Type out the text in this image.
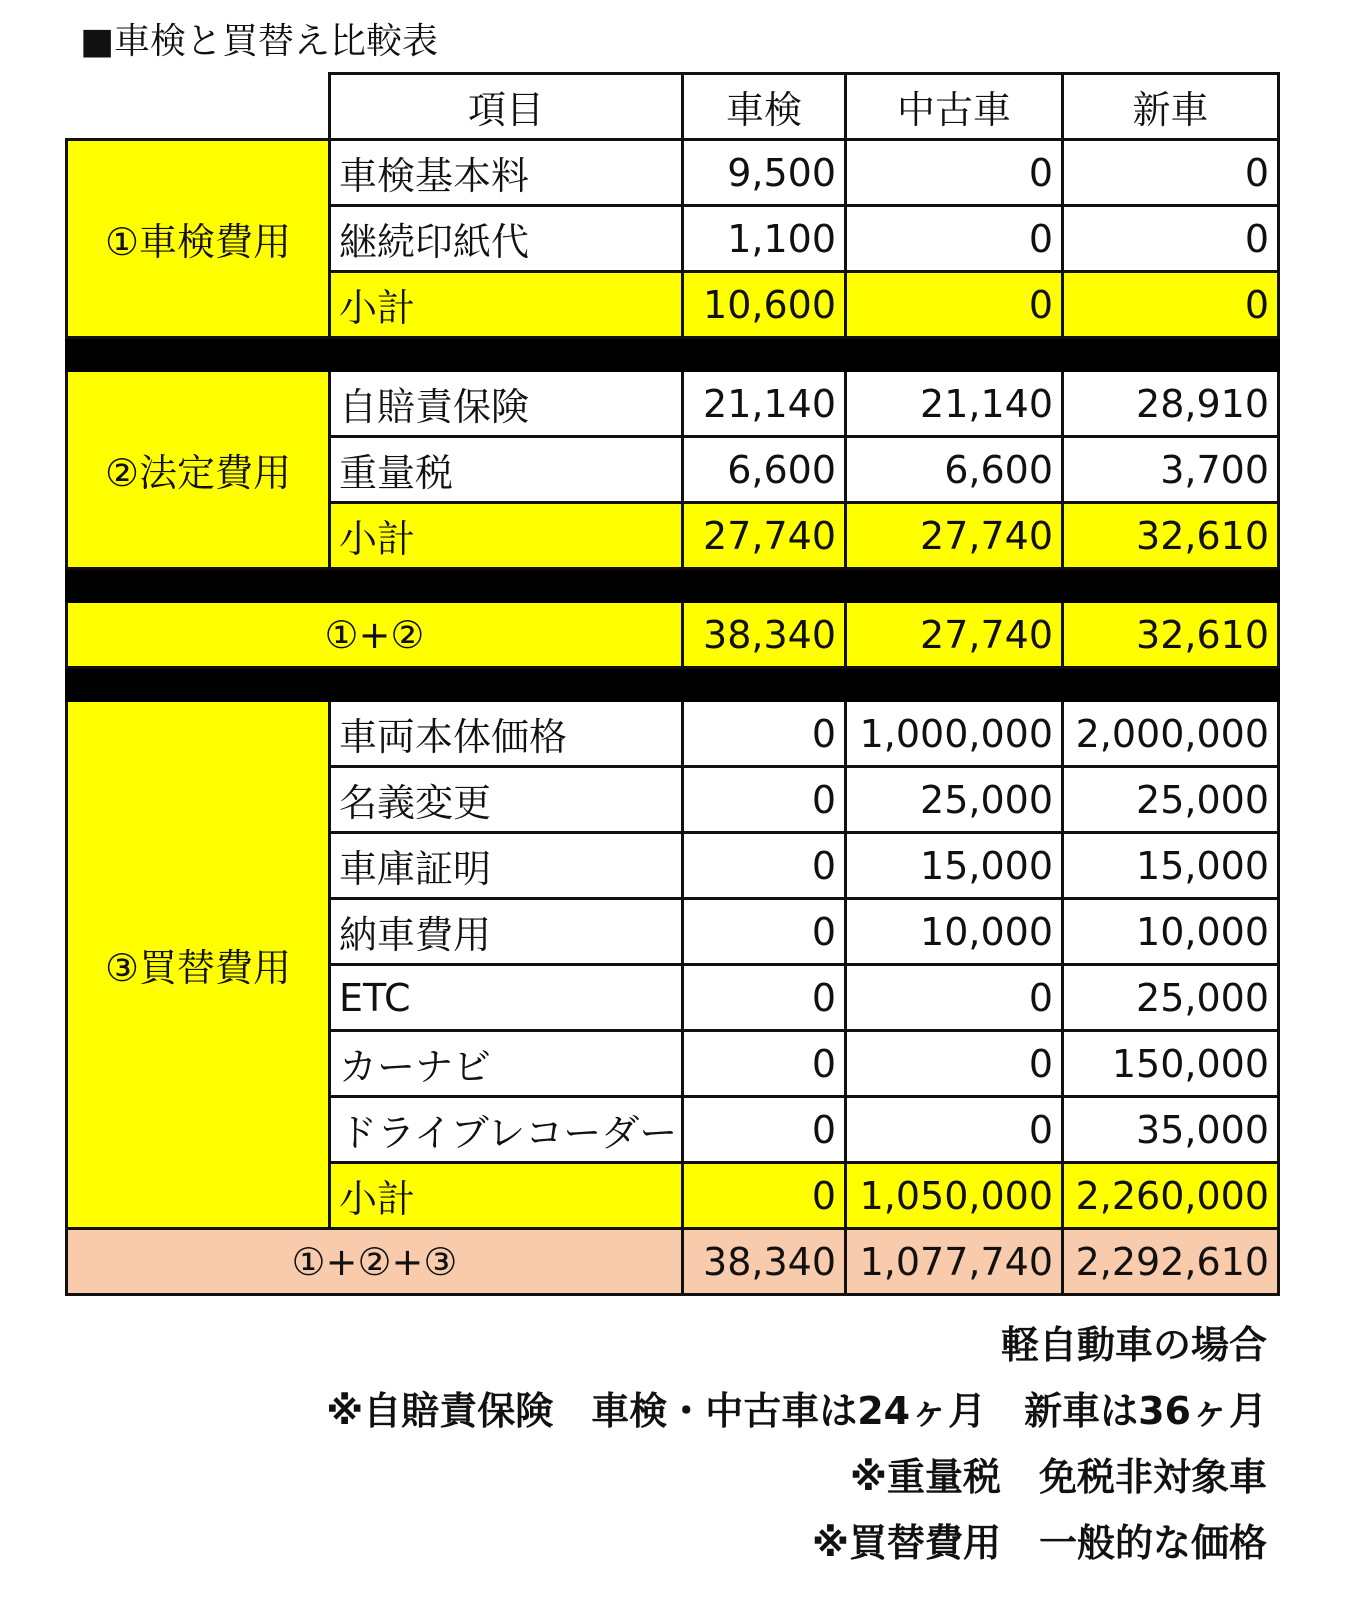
■車検と買替え比較表
	項目	車検	中古車	新車
①車検費用	車検基本料	9,500	0	0
	継続印紙代	1,100	0	0
	小計	10,600	0	0

②法定費用	自賠責保険	21,140	21,140	28,910
	重量税	6,600	6,600	3,700
	小計	27,740	27,740	32,610

①+②		38,340	27,740	32,610

③買替費用	車両本体価格	0	1,000,000	2,000,000
	名義変更	0	25,000	25,000
	車庫証明	0	15,000	15,000
	納車費用	0	10,000	10,000
	ETC	0	0	25,000
	カーナビ	0	0	150,000
	ドライブレコーダー	0	0	35,000
	小計	0	1,050,000	2,260,000
①+②+③		38,340	1,077,740	2,292,610
軽自動車の場合
※自賠責保険　車検・中古車は24ヶ月　新車は36ヶ月
※重量税　免税非対象車
※買替費用　一般的な価格
